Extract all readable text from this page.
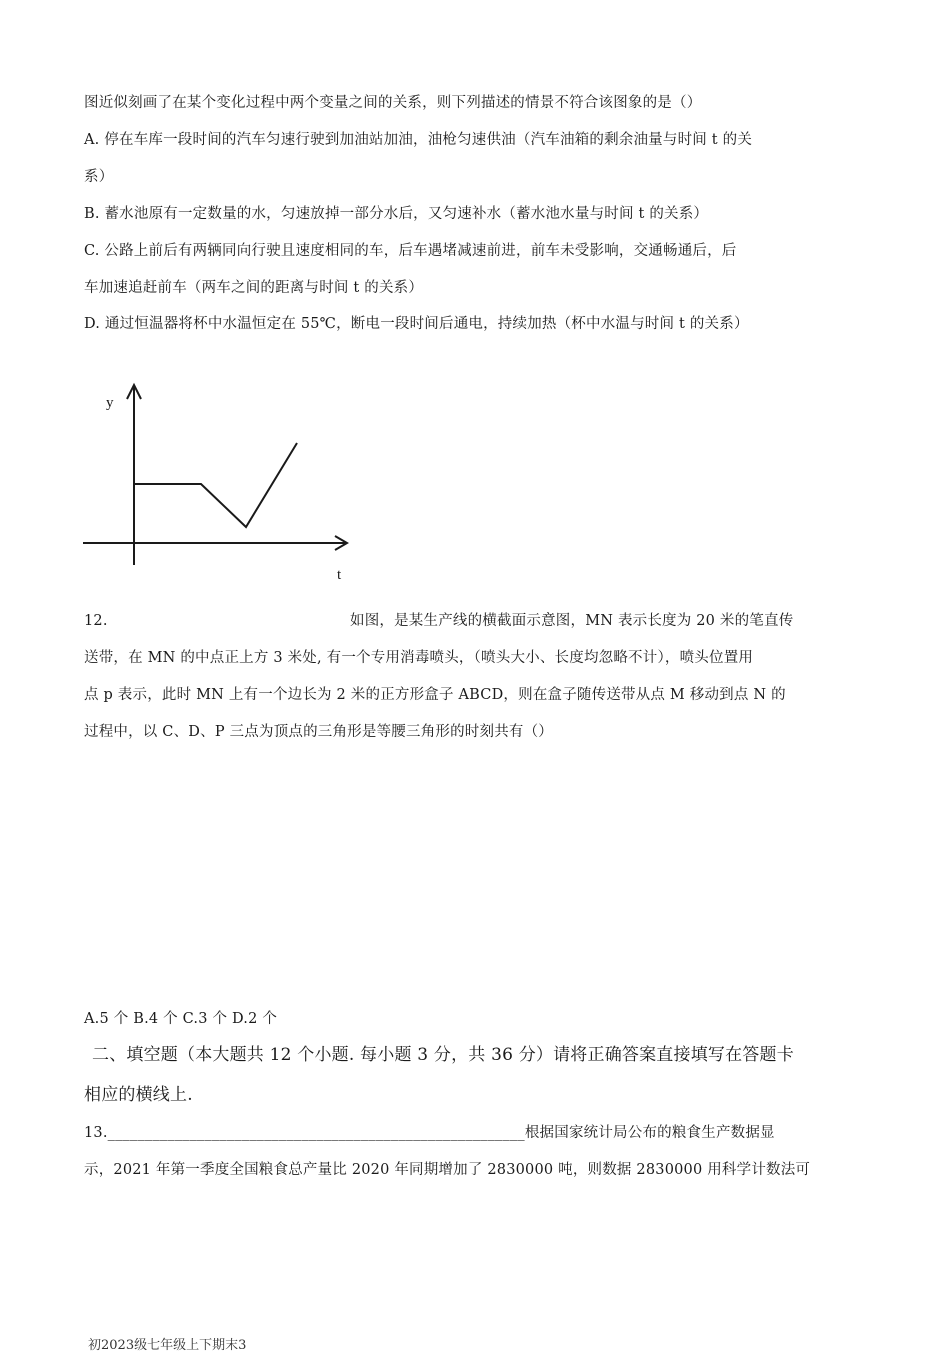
图近似刻画了在某个变化过程中两个变量之间的关系，则下列描述的情景不符合该图象的是（）
A. 停在车库一段时间的汽车匀速行驶到加油站加油，油枪匀速供油（汽车油箱的剩余油量与时间 t 的关
系）
B. 蓄水池原有一定数量的水，匀速放掉一部分水后，又匀速补水（蓄水池水量与时间 t 的关系）
C. 公路上前后有两辆同向行驶且速度相同的车，后车遇堵减速前进，前车未受影响，交通畅通后，后
车加速追赶前车（两车之间的距离与时间 t 的关系）
D. 通过恒温器将杯中水温恒定在 55℃，断电一段时间后通电，持续加热（杯中水温与时间 t 的关系）
y
t
12.	如图，是某生产线的横截面示意图，MN 表示长度为 20 米的笔直传
送带，在 MN 的中点正上方 3 米处, 有一个专用消毒喷头，（喷头大小、长度均忽略不计），喷头位置用
点 p 表示，此时 MN 上有一个边长为 2 米的正方形盒子 ABCD，则在盒子随传送带从点 M 移动到点 N 的
过程中，以 C、D、P 三点为顶点的三角形是等腰三角形的时刻共有（）
A.5 个 B.4 个 C.3 个 D.2 个
二、填空题（本大题共 12 个小题. 每小题 3 分，共 36 分）请将正确答案直接填写在答题卡
相应的横线上.
13.________________________________________________________根据国家统计局公布的粮食生产数据显
示，2021 年第一季度全国粮食总产量比 2020 年同期增加了 2830000 吨，则数据 2830000 用科学计数法可
初2023级七年级上下期末3
